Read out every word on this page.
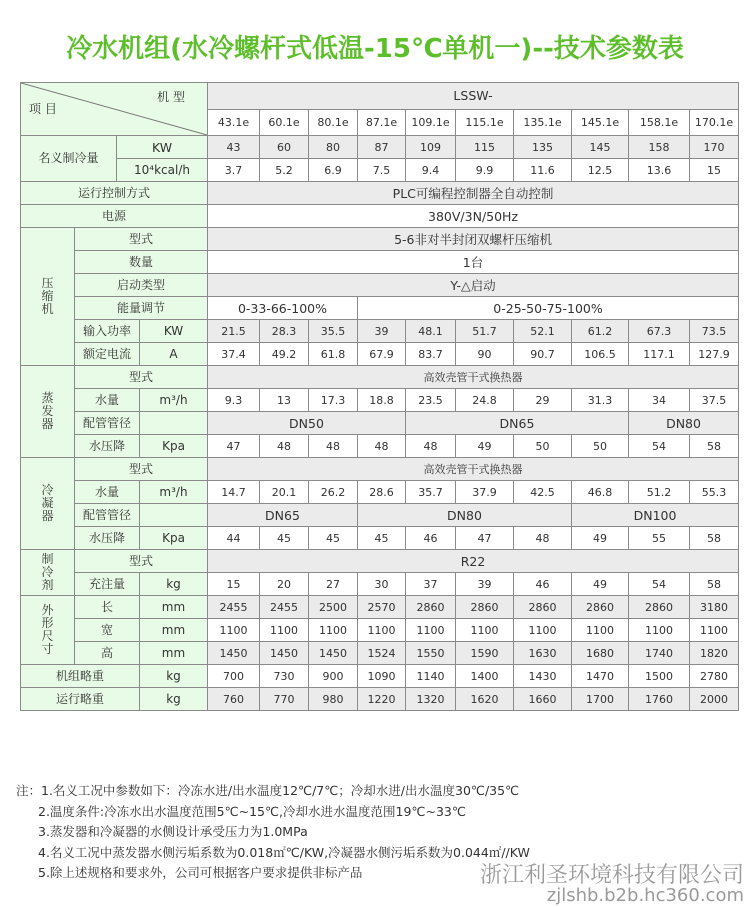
冷水机组(水冷螺杆式低温-15℃单机一)--技术参数表

项 目

机 型				LSSW-									
				43.1e	60.1e	80.1e	87.1e	109.1e	115.1e	135.1e	145.1e	158.1e	170.1e
名义制冷量		KW		43	60	80	87	109	115	135	145	158	170
		10⁴kcal/h		3.7	5.2	6.9	7.5	9.4	9.9	11.6	12.5	13.6	15
运行控制方式				PLC可编程控制器全自动控制									
电源				380V/3N/50Hz									
压
缩
机	型式			5-6非对半封闭双螺杆压缩机									
	数量			1台									
	启动类型			Y-△启动									
	能量调节			0-33-66-100%			0-25-50-75-100%						
	输入功率		KW	21.5	28.3	35.5	39	48.1	51.7	52.1	61.2	67.3	73.5
	额定电流		A	37.4	49.2	61.8	67.9	83.7	90	90.7	106.5	117.1	127.9
蒸
发
器	型式			高效壳管干式换热器									
	水量		m³/h	9.3	13	17.3	18.8	23.5	24.8	29	31.3	34	37.5
	配管管径			DN50				DN65				DN80	
	水压降		Kpa	47	48	48	48	48	49	50	50	54	58
冷
凝
器	型式			高效壳管干式换热器									
	水量		m³/h	14.7	20.1	26.2	28.6	35.7	37.9	42.5	46.8	51.2	55.3
	配管管径			DN65			DN80				DN100		
	水压降		Kpa	44	45	45	45	46	47	48	49	55	58
制
冷
剂	型式			R22									
	充注量		kg	15	20	27	30	37	39	46	49	54	58
外
形
尺
寸	长		mm	2455	2455	2500	2570	2860	2860	2860	2860	2860	3180
	宽		mm	1100	1100	1100	1100	1100	1100	1100	1100	1100	1100
	高		mm	1450	1450	1450	1524	1550	1590	1630	1680	1740	1820
机组略重			kg	700	730	900	1090	1140	1400	1430	1470	1500	2780
运行略重			kg	760	770	980	1220	1320	1620	1660	1700	1760	2000
注：1.名义工况中参数如下：冷冻水进/出水温度12℃/7℃；冷却水进/出水温度30℃/35℃
2.温度条件:冷冻水出水温度范围5℃~15℃,冷却水进水温度范围19℃~33℃
3.蒸发器和冷凝器的水侧设计承受压力为1.0MPa
4.名义工况中蒸发器水侧污垢系数为0.018㎡℃/KW,冷凝器水侧污垢系数为0.044㎡//KW
5.除上述规格和要求外，公司可根据客户要求提供非标产品	浙江利圣环境科技有限公司
zjlshb.b2b.hc360.com
